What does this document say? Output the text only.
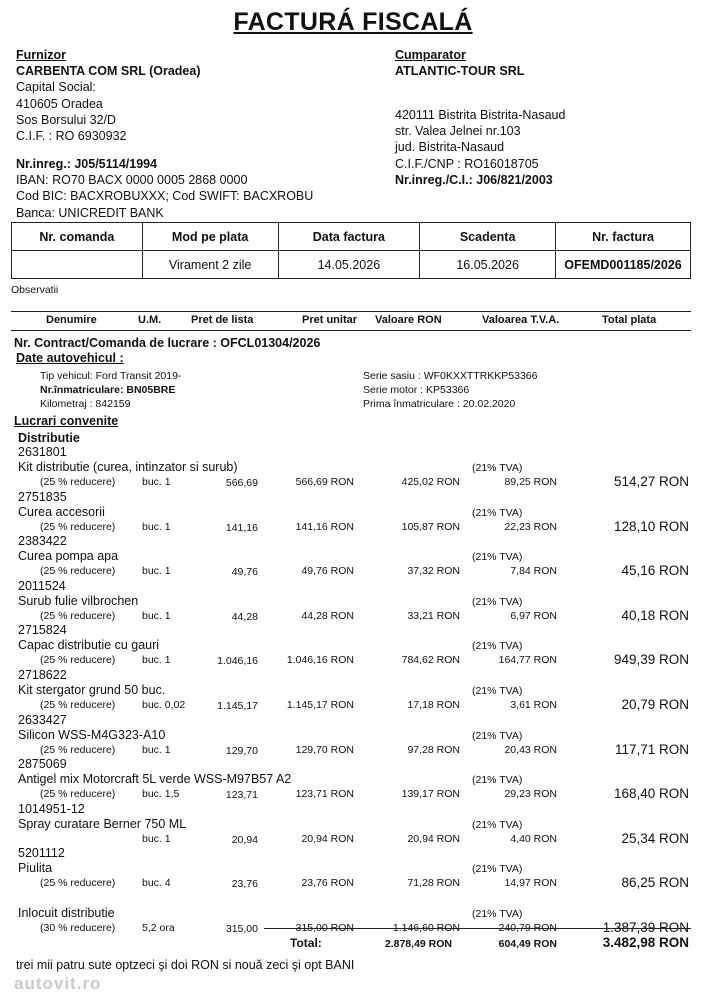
FACTURÁ FISCALÁ
Furnizor
CARBENTA COM SRL (Oradea)
Capital Social:
410605 Oradea
Sos Borsului 32/D
C.I.F. : RO 6930932
Nr.inreg.: J05/5114/1994
IBAN: RO70 BACX 0000 0005 2868 0000
Cod BIC: BACXROBUXXX; Cod SWIFT: BACXROBU
Banca: UNICREDIT BANK
Cumparator
ATLANTIC-TOUR SRL
420111 Bistrita Bistrita-Nasaud
str. Valea Jelnei nr.103
jud. Bistrita-Nasaud
C.I.F./CNP : RO16018705
Nr.inreg./C.I.: J06/821/2003
Nr. comanda	Mod pe plata	Data factura	Scadenta	Nr. factura
	Virament 2 zile	14.05.2026	16.05.2026	OFEMD001185/2026
Observatii
Denumire	U.M.	Pret de lista	Pret unitar Valoare RON	Valoarea T.V.A.	Total plata
Nr. Contract/Comanda de lucrare : OFCL01304/2026
Date autovehicul :
Tip vehicul: Ford Transit 2019-
Nr.înmatriculare: BN05BRE
Kilometraj : 842159
Serie sasiu : WF0KXXTTRKKP53366
Serie motor : KP53366
Prima înmatriculare : 20.02.2020
Lucrari convenite
Distributie
2631801
Kit distributie (curea, intinzator si surub)
(25 % reducere)	buc. 1	566,69	566,69 RON	425,02 RON
(21% TVA)
89,25 RON	514,27 RON
2751835
Curea accesorii
(25 % reducere)	buc. 1	141,16	141,16 RON	105,87 RON
(21% TVA)
22,23 RON	128,10 RON
2383422
Curea pompa apa
(25 % reducere)	buc. 1	49,76	49,76 RON	37,32 RON
(21% TVA)
7,84 RON	45,16 RON
2011524
Surub fulie vilbrochen
(25 % reducere)	buc. 1	44,28	44,28 RON	33,21 RON
(21% TVA)
6,97 RON	40,18 RON
2715824
Capac distributie cu gauri
(25 % reducere)	buc. 1	1.046,16	1.046,16 RON	784,62 RON
(21% TVA)
164,77 RON	949,39 RON
2718622
Kit stergator grund 50 buc.
(25 % reducere)	buc. 0,02	1.145,17	1.145,17 RON	17,18 RON
(21% TVA)
3,61 RON	20,79 RON
2633427
Silicon WSS-M4G323-A10
(25 % reducere)	buc. 1	129,70	129,70 RON	97,28 RON
(21% TVA)
20,43 RON	117,71 RON
2875069
Antigel mix Motorcraft 5L verde WSS-M97B57 A2
(25 % reducere)	buc. 1,5	123,71	123,71 RON	139,17 RON
(21% TVA)
29,23 RON	168,40 RON
1014951-12
Spray curatare Berner 750 ML
buc. 1	20,94	20,94 RON	20,94 RON
(21% TVA)
4,40 RON	25,34 RON
5201112
Piulita
(25 % reducere)	buc. 4	23,76	23,76 RON	71,28 RON
(21% TVA)
14,97 RON	86,25 RON
Inlocuit distributie
(30 % reducere)	5,2 ora	315,00	315,00 RON	1.146,60 RON
(21% TVA)
240,79 RON	1.387,39 RON
Total:	2.878,49 RON	604,49 RON	3.482,98 RON
trei mii patru sute optzeci şi doi RON si nouă zeci şi opt BANI
autovit.ro
